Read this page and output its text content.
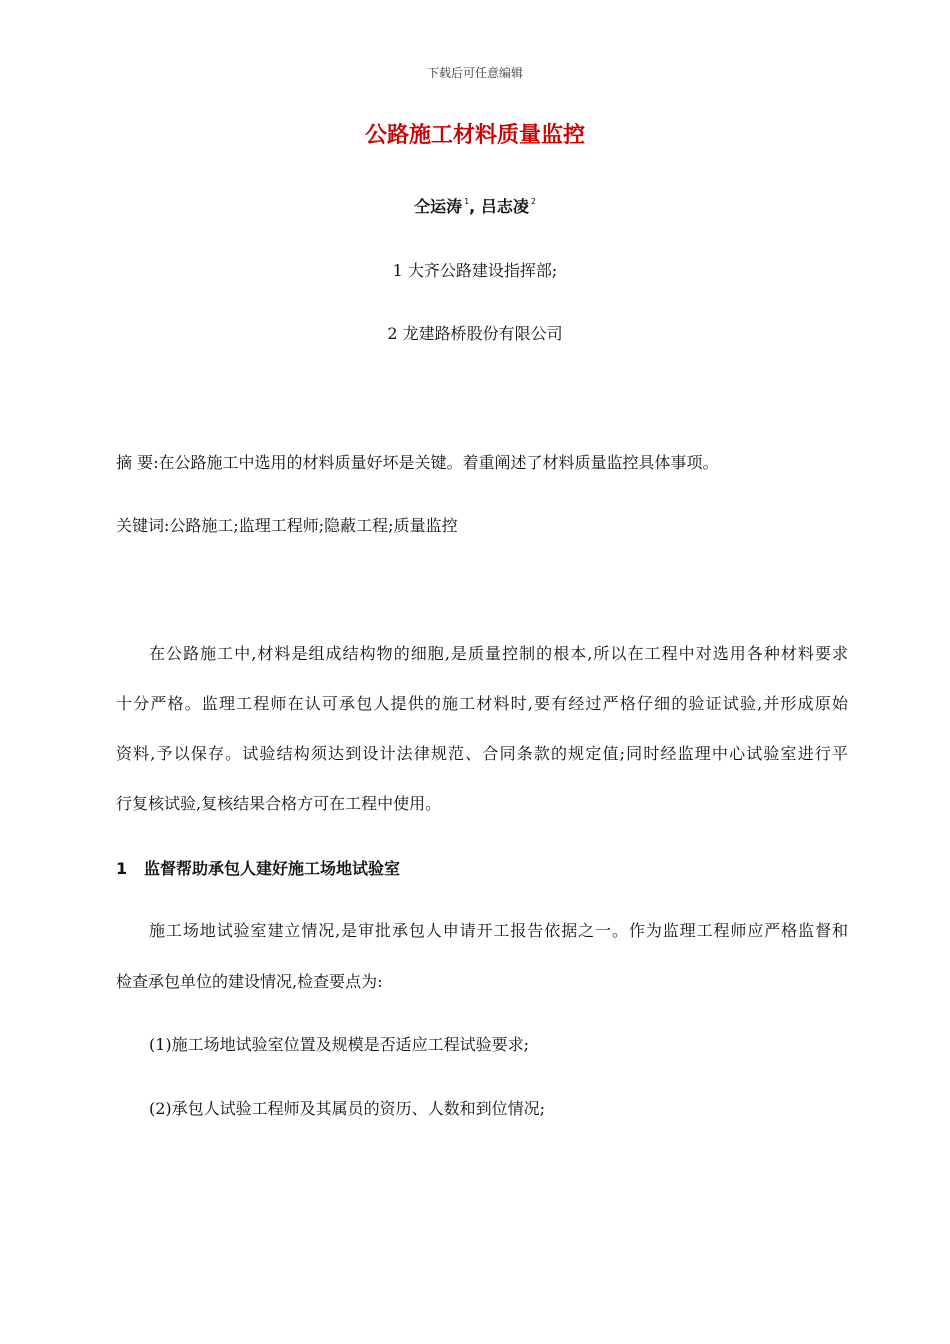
下载后可任意编辑
公路施工材料质量监控
仝运涛 $^1$, 吕志凌 $^2$
1 大齐公路建设指挥部;
2 龙建路桥股份有限公司
摘 要:在公路施工中选用的材料质量好坏是关键。着重阐述了材料质量监控具体事项。
关键词:公路施工;监理工程师;隐蔽工程;质量监控
在公路施工中,材料是组成结构物的细胞,是质量控制的根本,所以在工程中对选用各种材料要求
十分严格。监理工程师在认可承包人提供的施工材料时,要有经过严格仔细的验证试验,并形成原始
资料,予以保存。试验结构须达到设计法律规范、合同条款的规定值;同时经监理中心试验室进行平
行复核试验,复核结果合格方可在工程中使用。
1 监督帮助承包人建好施工场地试验室
施工场地试验室建立情况,是审批承包人申请开工报告依据之一。作为监理工程师应严格监督和
检查承包单位的建设情况,检查要点为:
(1)施工场地试验室位置及规模是否适应工程试验要求;
(2)承包人试验工程师及其属员的资历、人数和到位情况;
